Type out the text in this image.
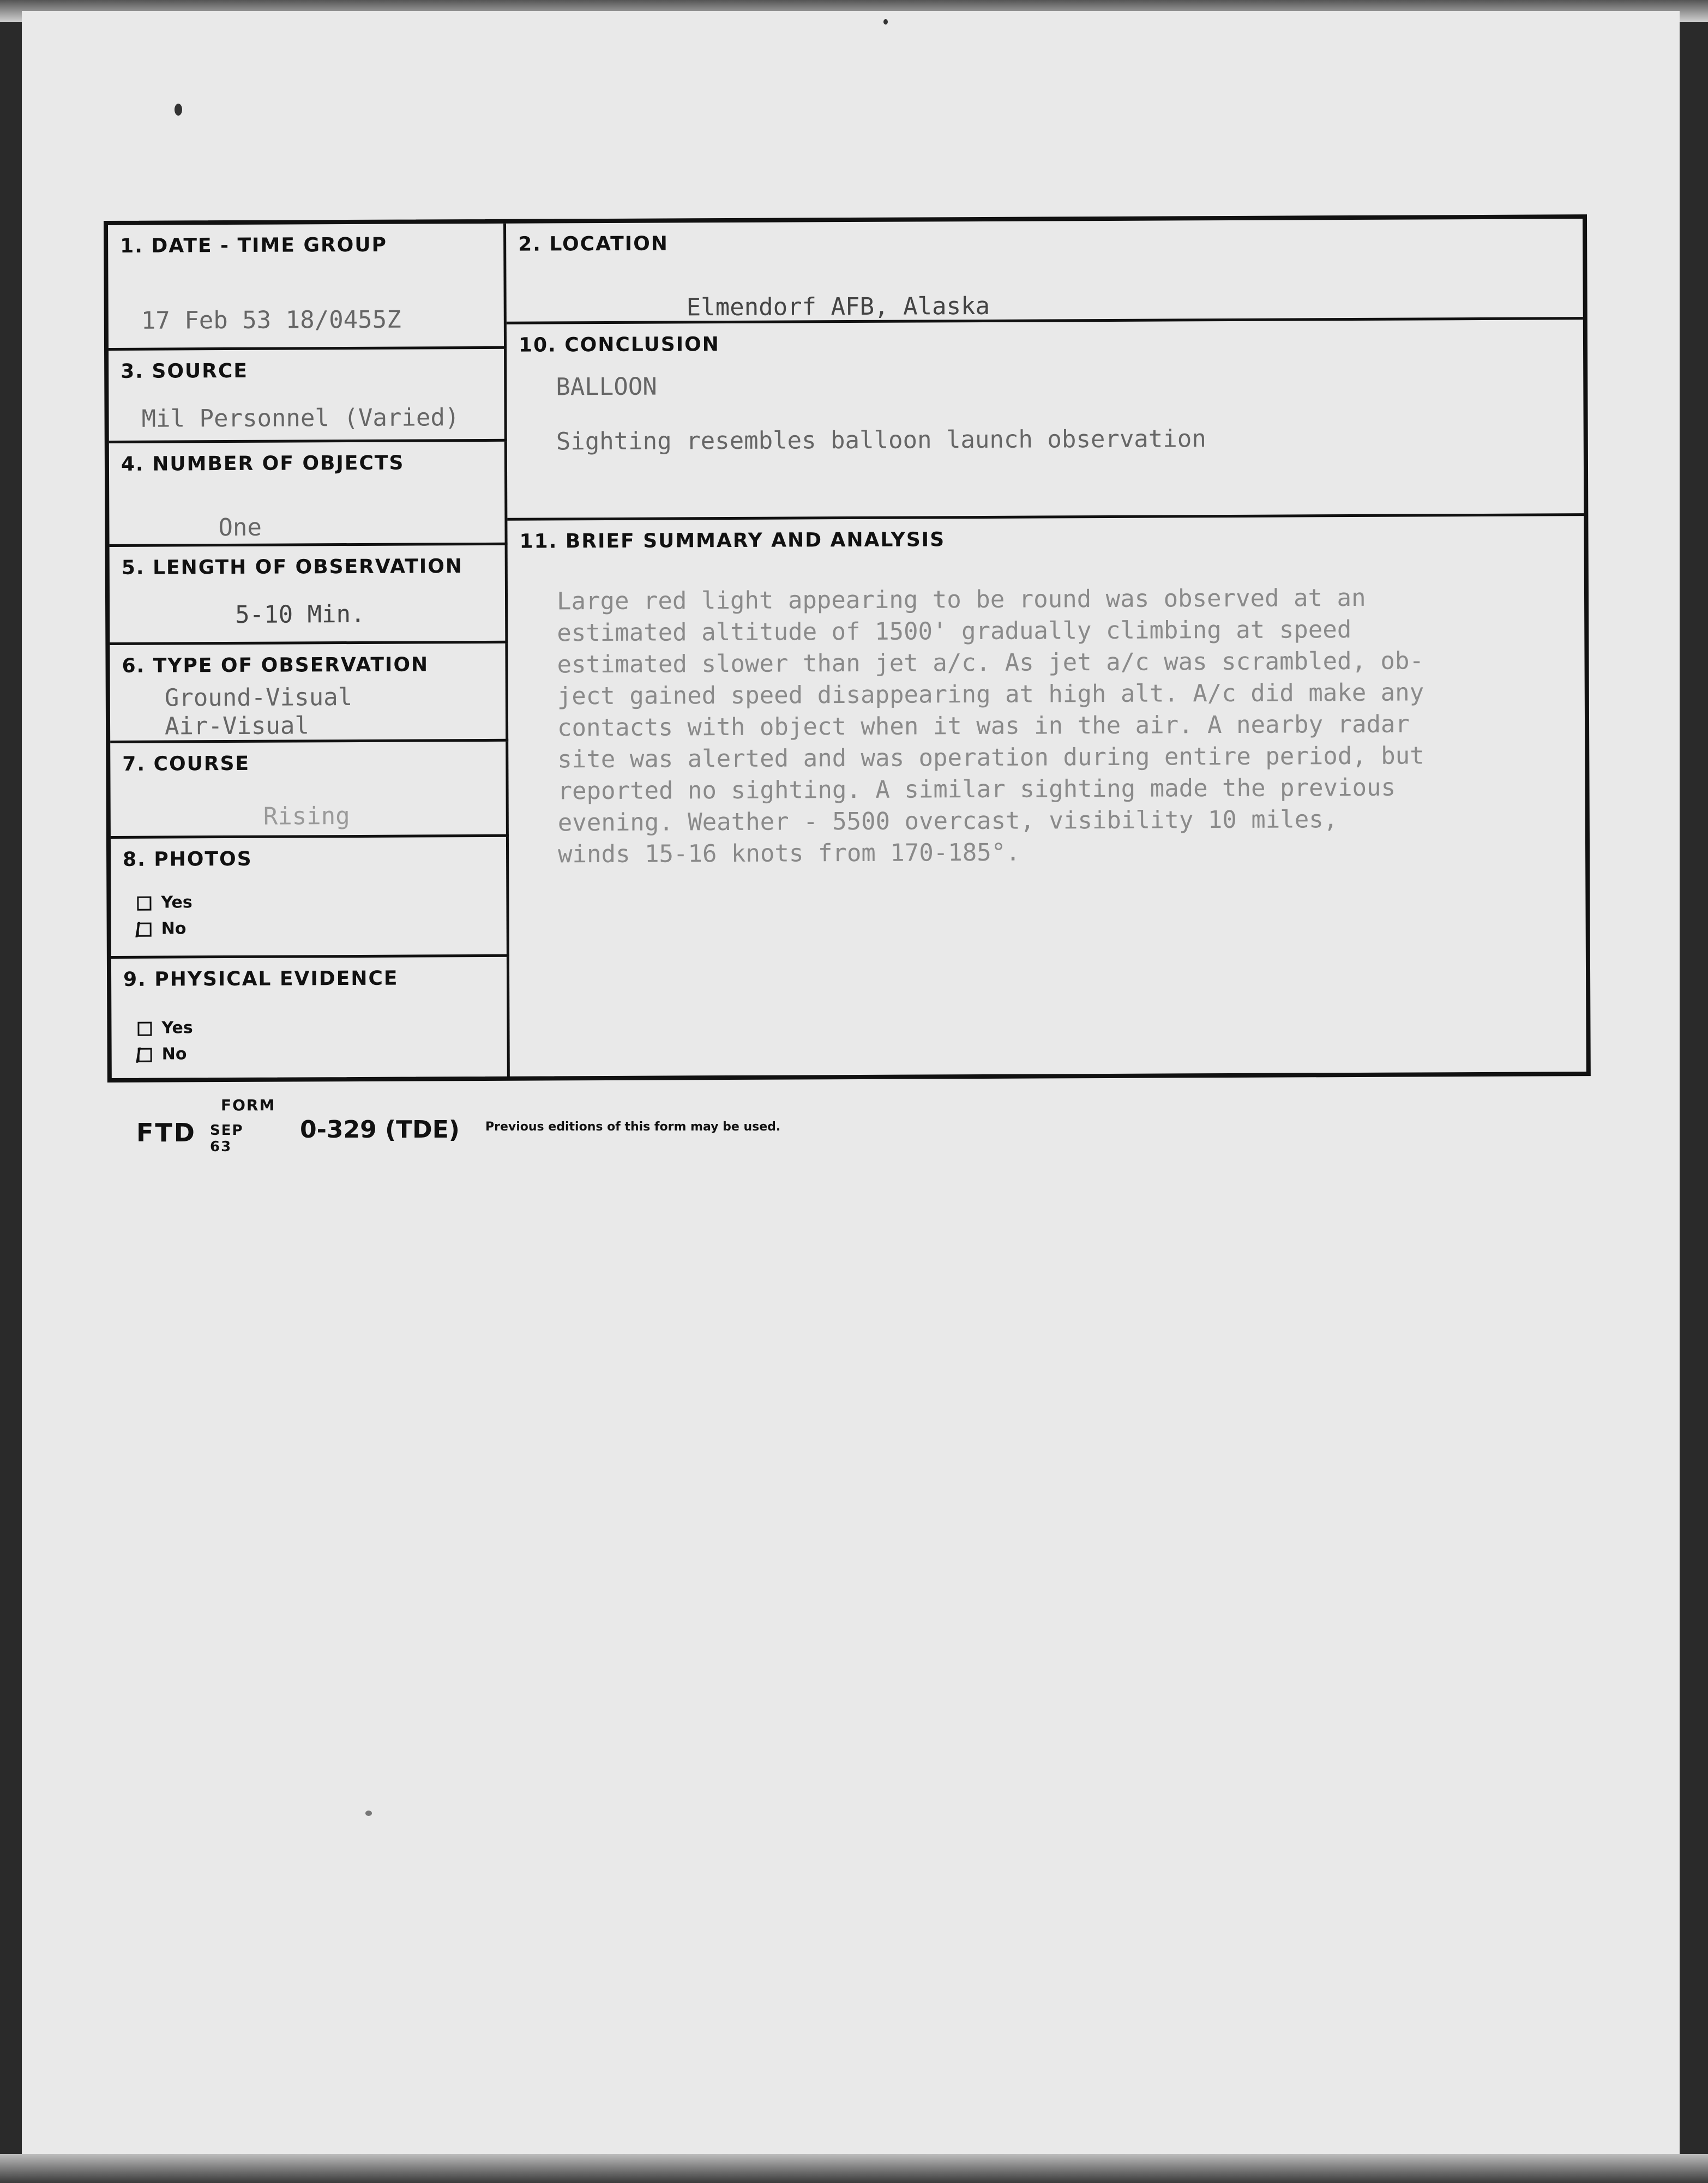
1. DATE - TIME GROUP
17 Feb 53 18/0455Z
3. SOURCE
Mil Personnel (Varied)
4. NUMBER OF OBJECTS
One
5. LENGTH OF OBSERVATION
5-10 Min.
6. TYPE OF OBSERVATION
Ground-Visual
Air-Visual
7. COURSE
Rising
8. PHOTOS
Yes
No
9. PHYSICAL EVIDENCE
Yes
No
2. LOCATION
Elmendorf AFB, Alaska
10. CONCLUSION
BALLOON
Sighting resembles balloon launch observation
11. BRIEF SUMMARY AND ANALYSIS
Large red light appearing to be round was observed at an
estimated altitude of 1500' gradually climbing at speed
estimated slower than jet a/c. As jet a/c was scrambled, ob-
ject gained speed disappearing at high alt. A/c did make any
contacts with object when it was in the air. A nearby radar
site was alerted and was operation during entire period, but
reported no sighting. A similar sighting made the previous
evening. Weather - 5500 overcast, visibility 10 miles,
winds 15-16 knots from 170-185°.
FORM
FTD SEP 63
0-329 (TDE) Previous editions of this form may be used.
